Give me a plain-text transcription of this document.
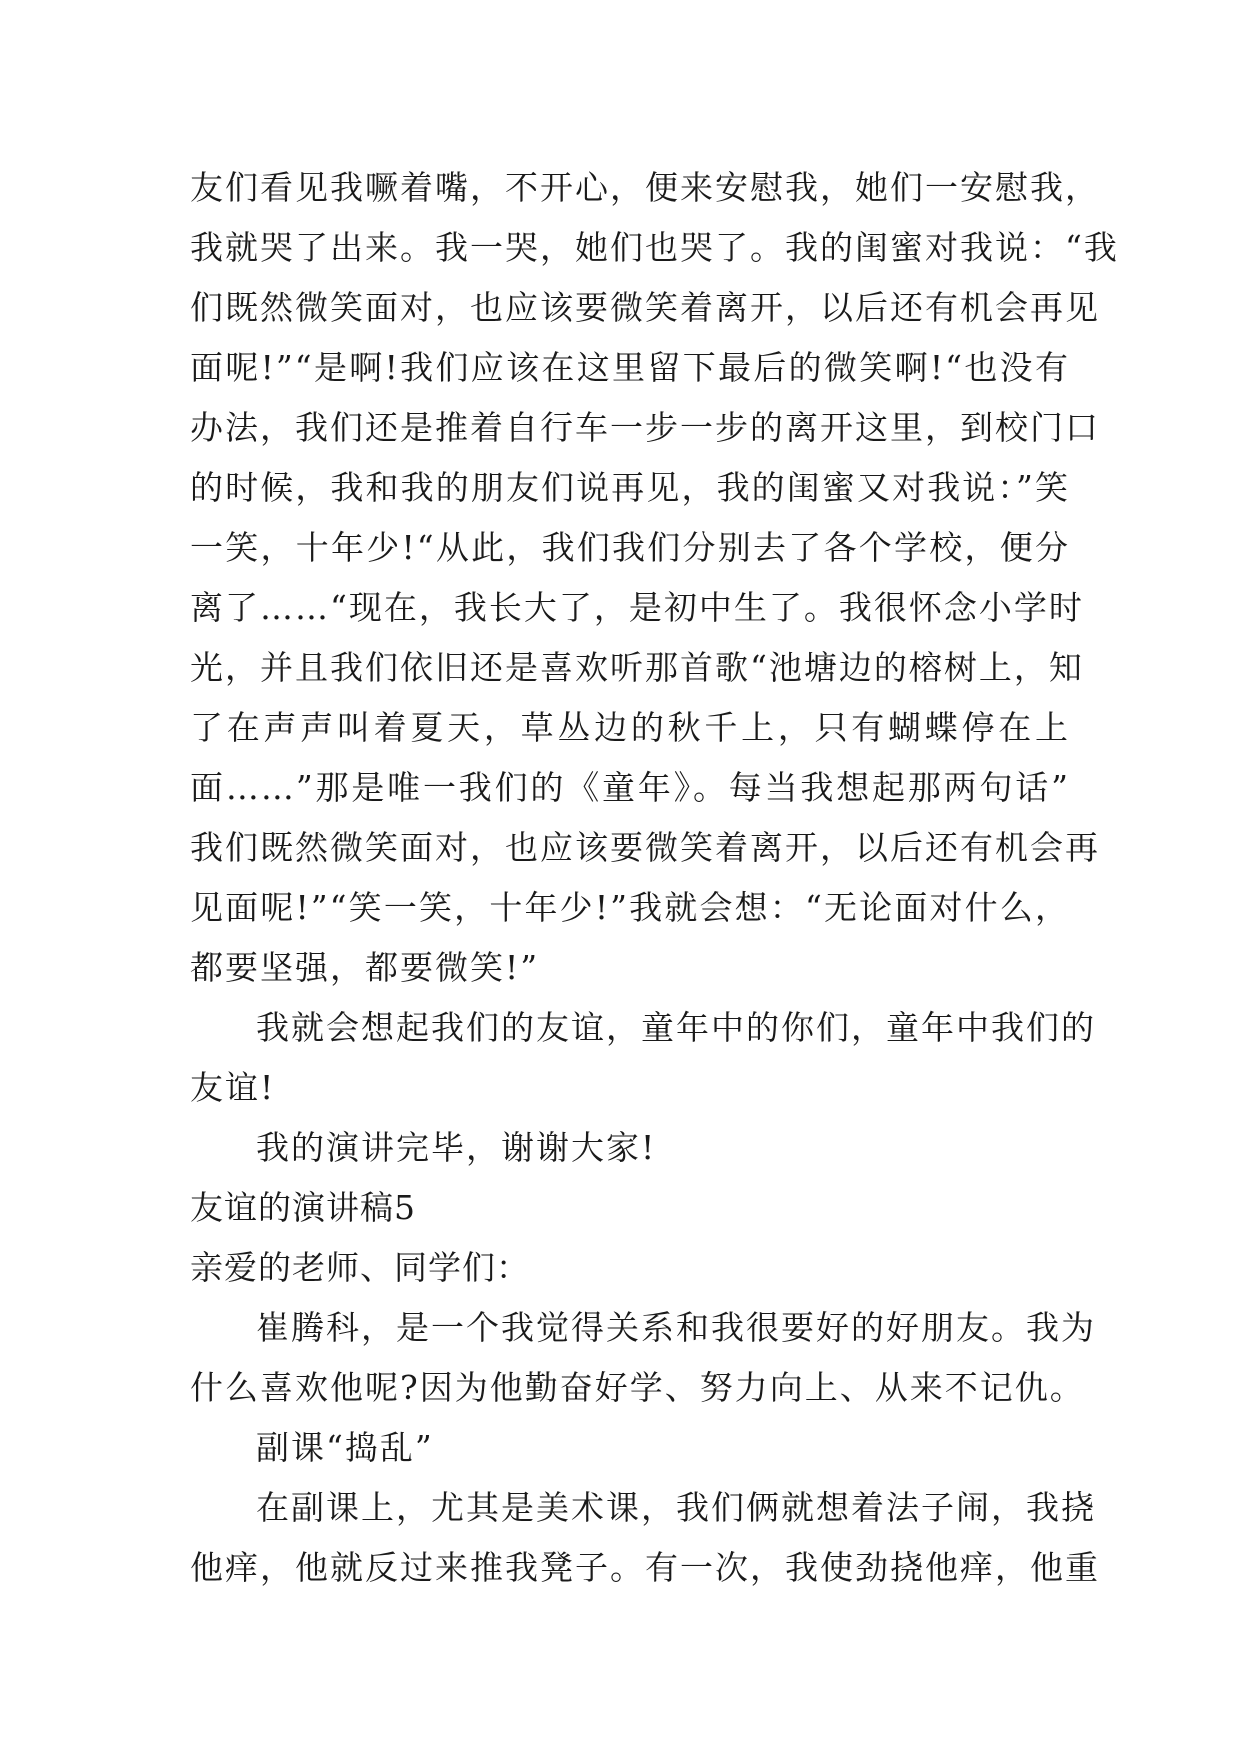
友们看见我噘着嘴，不开心，便来安慰我，她们一安慰我，
我就哭了出来。我一哭，她们也哭了。我的闺蜜对我说：“我
们既然微笑面对，也应该要微笑着离开，以后还有机会再见
面呢!”“是啊!我们应该在这里留下最后的微笑啊!“也没有
办法，我们还是推着自行车一步一步的离开这里，到校门口
的时候，我和我的朋友们说再见，我的闺蜜又对我说：”笑
一笑，十年少!“从此，我们我们分别去了各个学校，便分
离了……“现在，我长大了，是初中生了。我很怀念小学时
光，并且我们依旧还是喜欢听那首歌“池塘边的榕树上，知
了在声声叫着夏天，草丛边的秋千上，只有蝴蝶停在上
面……”那是唯一我们的《童年》。每当我想起那两句话”
我们既然微笑面对，也应该要微笑着离开，以后还有机会再
见面呢!”“笑一笑，十年少!”我就会想：“无论面对什么，
都要坚强，都要微笑!”
我就会想起我们的友谊，童年中的你们，童年中我们的
友谊!
我的演讲完毕，谢谢大家!
友谊的演讲稿5
亲爱的老师、同学们：
崔腾科，是一个我觉得关系和我很要好的好朋友。我为
什么喜欢他呢?因为他勤奋好学、努力向上、从来不记仇。
副课“捣乱”
在副课上，尤其是美术课，我们俩就想着法子闹，我挠
他痒，他就反过来推我凳子。有一次，我使劲挠他痒，他重
